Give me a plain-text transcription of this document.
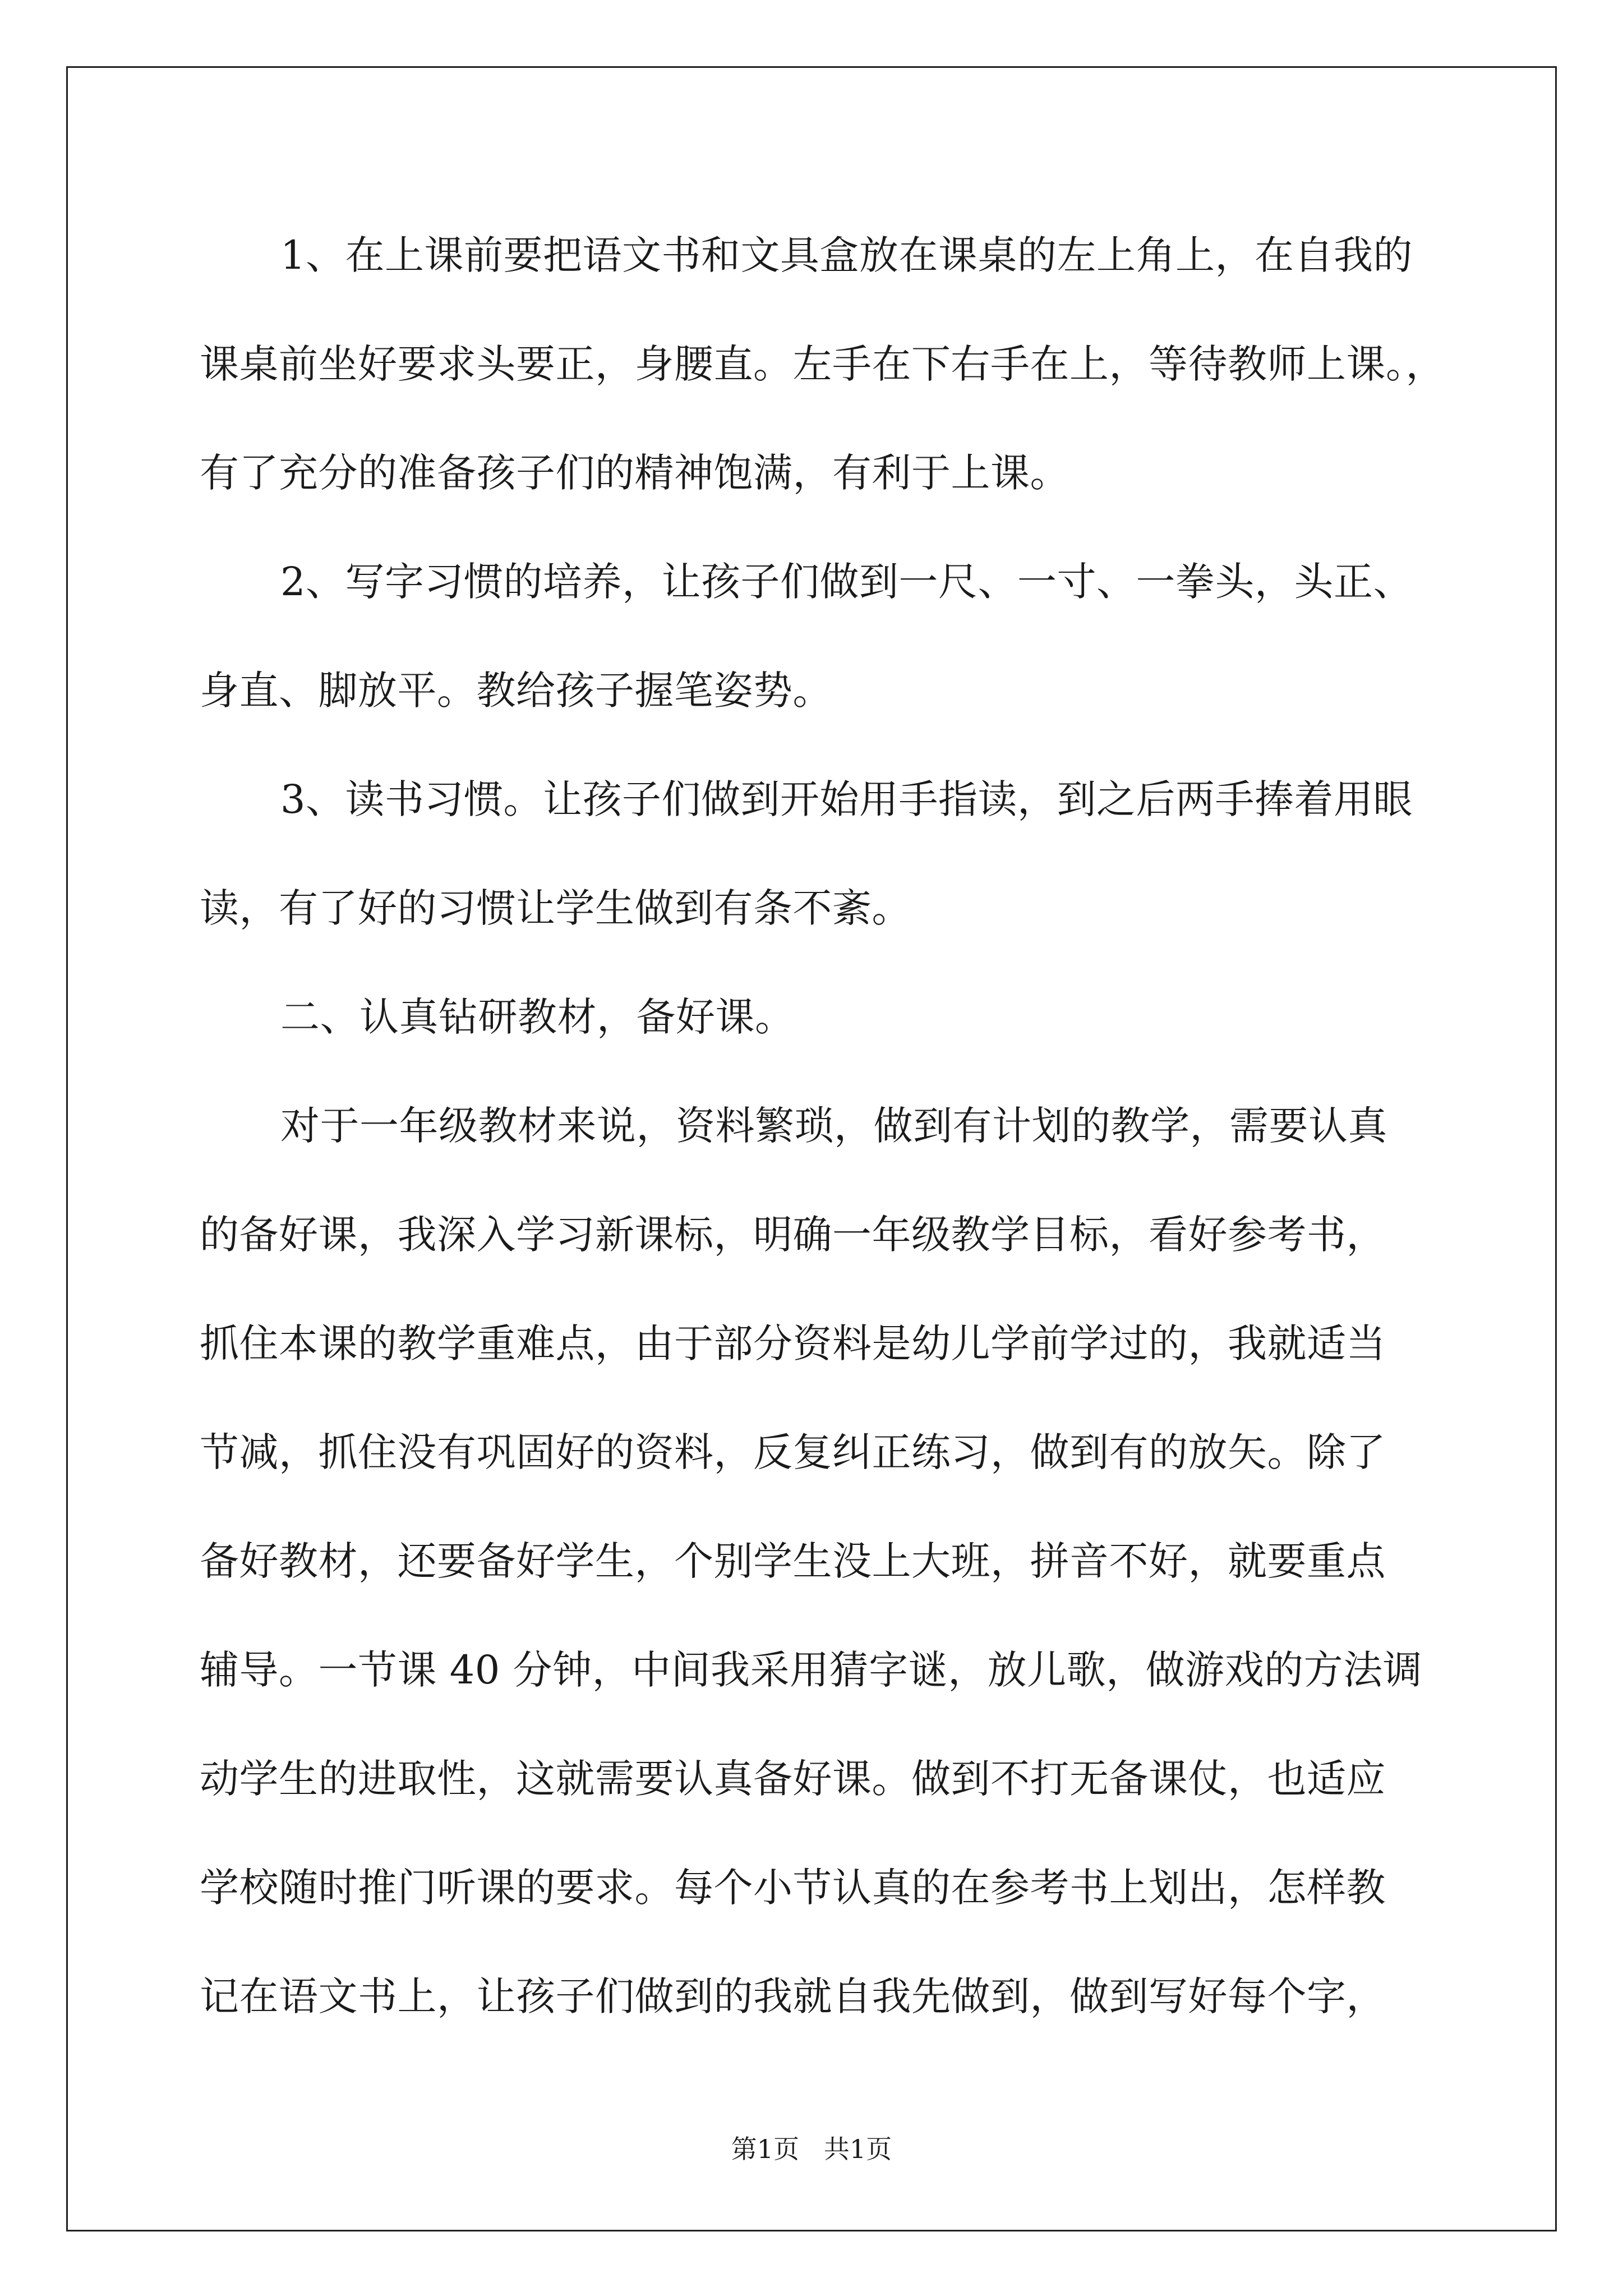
1、在上课前要把语文书和文具盒放在课桌的左上角上，在自我的
课桌前坐好要求头要正，身腰直。左手在下右手在上，等待教师上课。，
有了充分的准备孩子们的精神饱满，有利于上课。
2、写字习惯的培养，让孩子们做到一尺、一寸、一拳头，头正、
身直、脚放平。教给孩子握笔姿势。
3、读书习惯。让孩子们做到开始用手指读，到之后两手捧着用眼
读，有了好的习惯让学生做到有条不紊。
二、认真钻研教材，备好课。
对于一年级教材来说，资料繁琐，做到有计划的教学，需要认真
的备好课，我深入学习新课标，明确一年级教学目标，看好参考书，
抓住本课的教学重难点，由于部分资料是幼儿学前学过的，我就适当
节减，抓住没有巩固好的资料，反复纠正练习，做到有的放矢。除了
备好教材，还要备好学生，个别学生没上大班，拼音不好，就要重点
辅导。一节课 40 分钟，中间我采用猜字谜，放儿歌，做游戏的方法调
动学生的进取性，这就需要认真备好课。做到不打无备课仗，也适应
学校随时推门听课的要求。每个小节认真的在参考书上划出，怎样教
记在语文书上，让孩子们做到的我就自我先做到，做到写好每个字，
第1页   共1页
